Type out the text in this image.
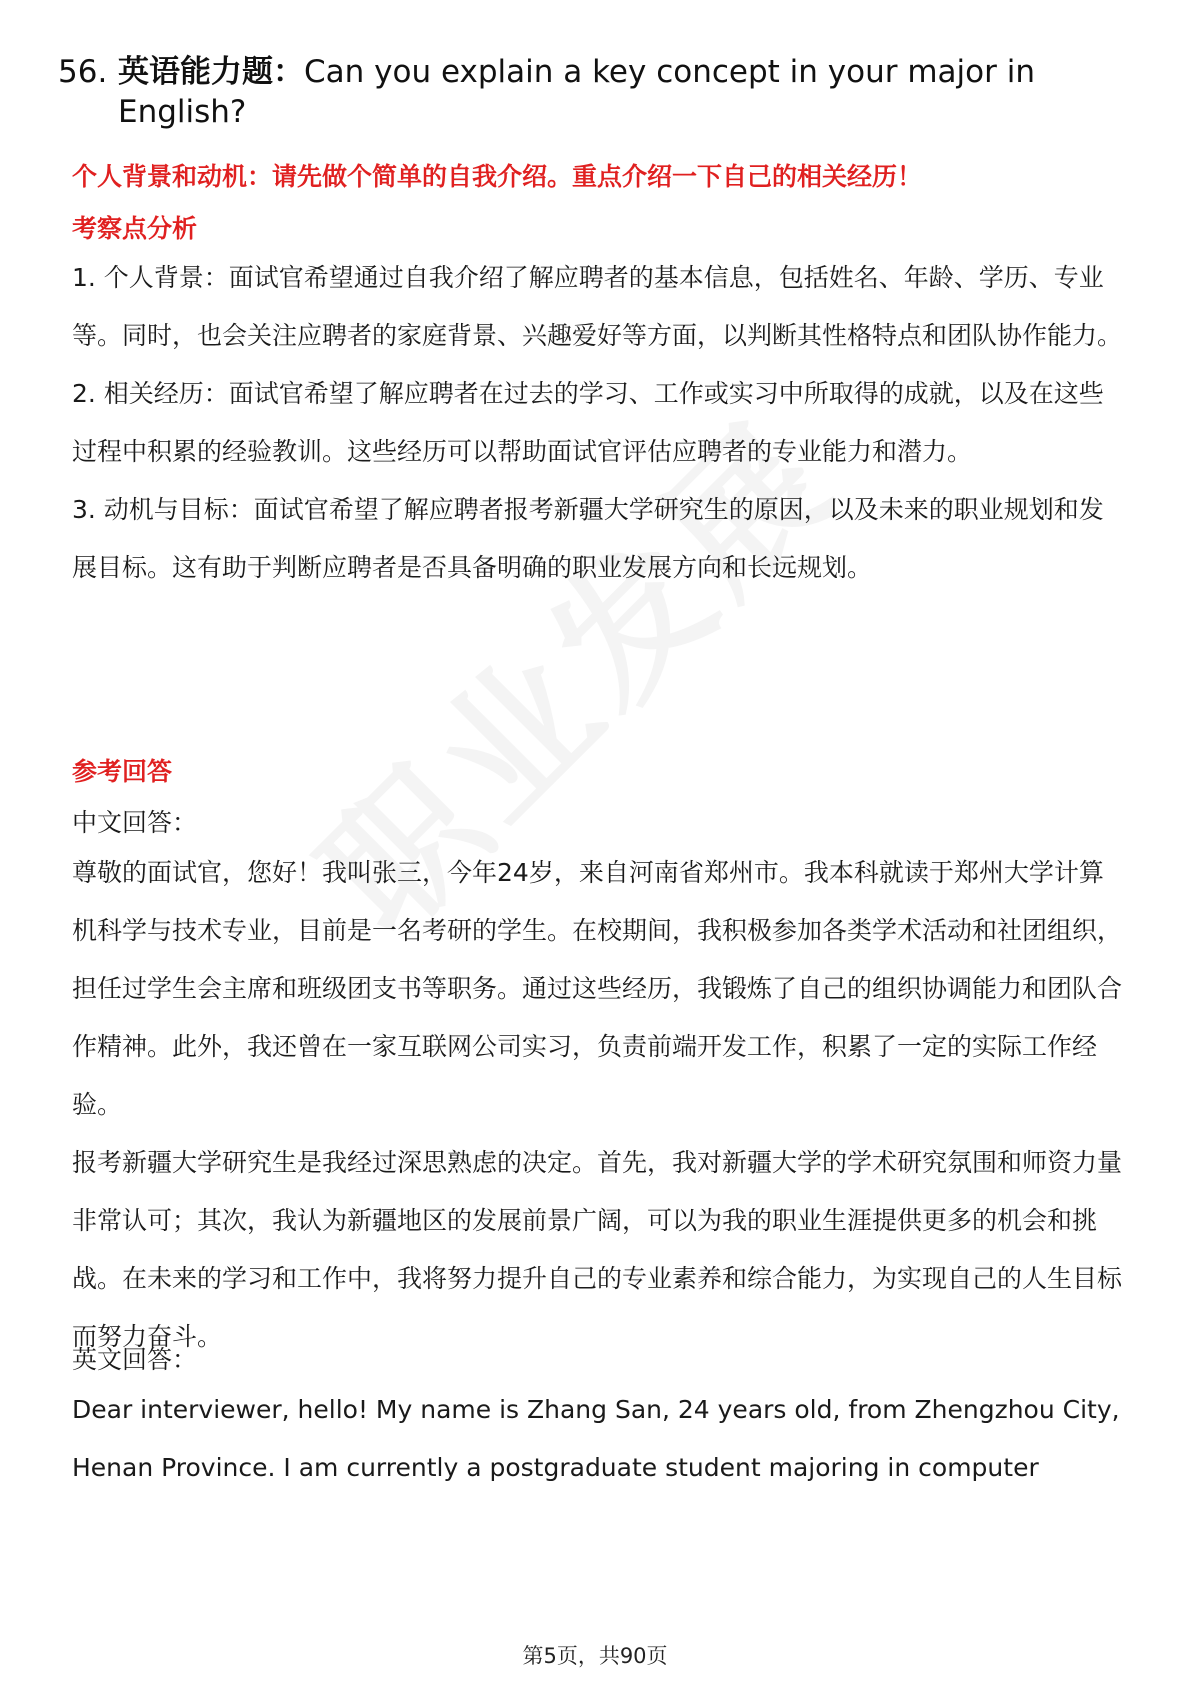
56. 英语能力题：Can you explain a key concept in your major in English?
个人背景和动机：请先做个简单的自我介绍。重点介绍一下自己的相关经历！
考察点分析

1. 个人背景：面试官希望通过自我介绍了解应聘者的基本信息，包括姓名、年龄、学历、专业等。同时，也会关注应聘者的家庭背景、兴趣爱好等方面，以判断其性格特点和团队协作能力。

2. 相关经历：面试官希望了解应聘者在过去的学习、工作或实习中所取得的成就，以及在这些过程中积累的经验教训。这些经历可以帮助面试官评估应聘者的专业能力和潜力。

3. 动机与目标：面试官希望了解应聘者报考新疆大学研究生的原因，以及未来的职业规划和发展目标。这有助于判断应聘者是否具备明确的职业发展方向和长远规划。

参考回答
中文回答：

尊敬的面试官，您好！我叫张三，今年24岁，来自河南省郑州市。我本科就读于郑州大学计算机科学与技术专业，目前是一名考研的学生。在校期间，我积极参加各类学术活动和社团组织，担任过学生会主席和班级团支书等职务。通过这些经历，我锻炼了自己的组织协调能力和团队合作精神。此外，我还曾在一家互联网公司实习，负责前端开发工作，积累了一定的实际工作经验。

报考新疆大学研究生是我经过深思熟虑的决定。首先，我对新疆大学的学术研究氛围和师资力量非常认可；其次，我认为新疆地区的发展前景广阔，可以为我的职业生涯提供更多的机会和挑战。在未来的学习和工作中，我将努力提升自己的专业素养和综合能力，为实现自己的人生目标而努力奋斗。

英文回答：
Dear interviewer, hello! My name is Zhang San, 24 years old, from Zhengzhou City, Henan Province. I am currently a postgraduate student majoring in computer
第5页，共90页
